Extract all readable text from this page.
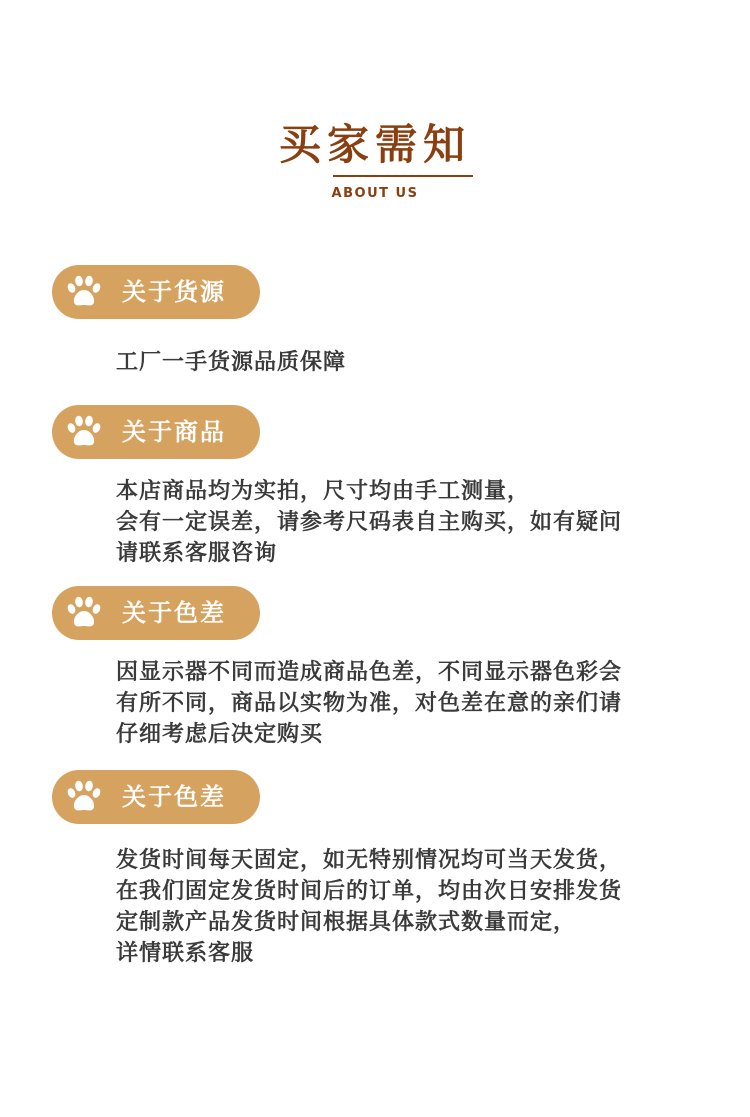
买家需知
ABOUT US
关于货源
工厂一手货源品质保障
关于商品
本店商品均为实拍，尺寸均由手工测量，
会有一定误差，请参考尺码表自主购买，如有疑问
请联系客服咨询
关于色差
因显示器不同而造成商品色差，不同显示器色彩会
有所不同，商品以实物为准，对色差在意的亲们请
仔细考虑后决定购买
关于色差
发货时间每天固定，如无特别情况均可当天发货，
在我们固定发货时间后的订单，均由次日安排发货
定制款产品发货时间根据具体款式数量而定，
详情联系客服
